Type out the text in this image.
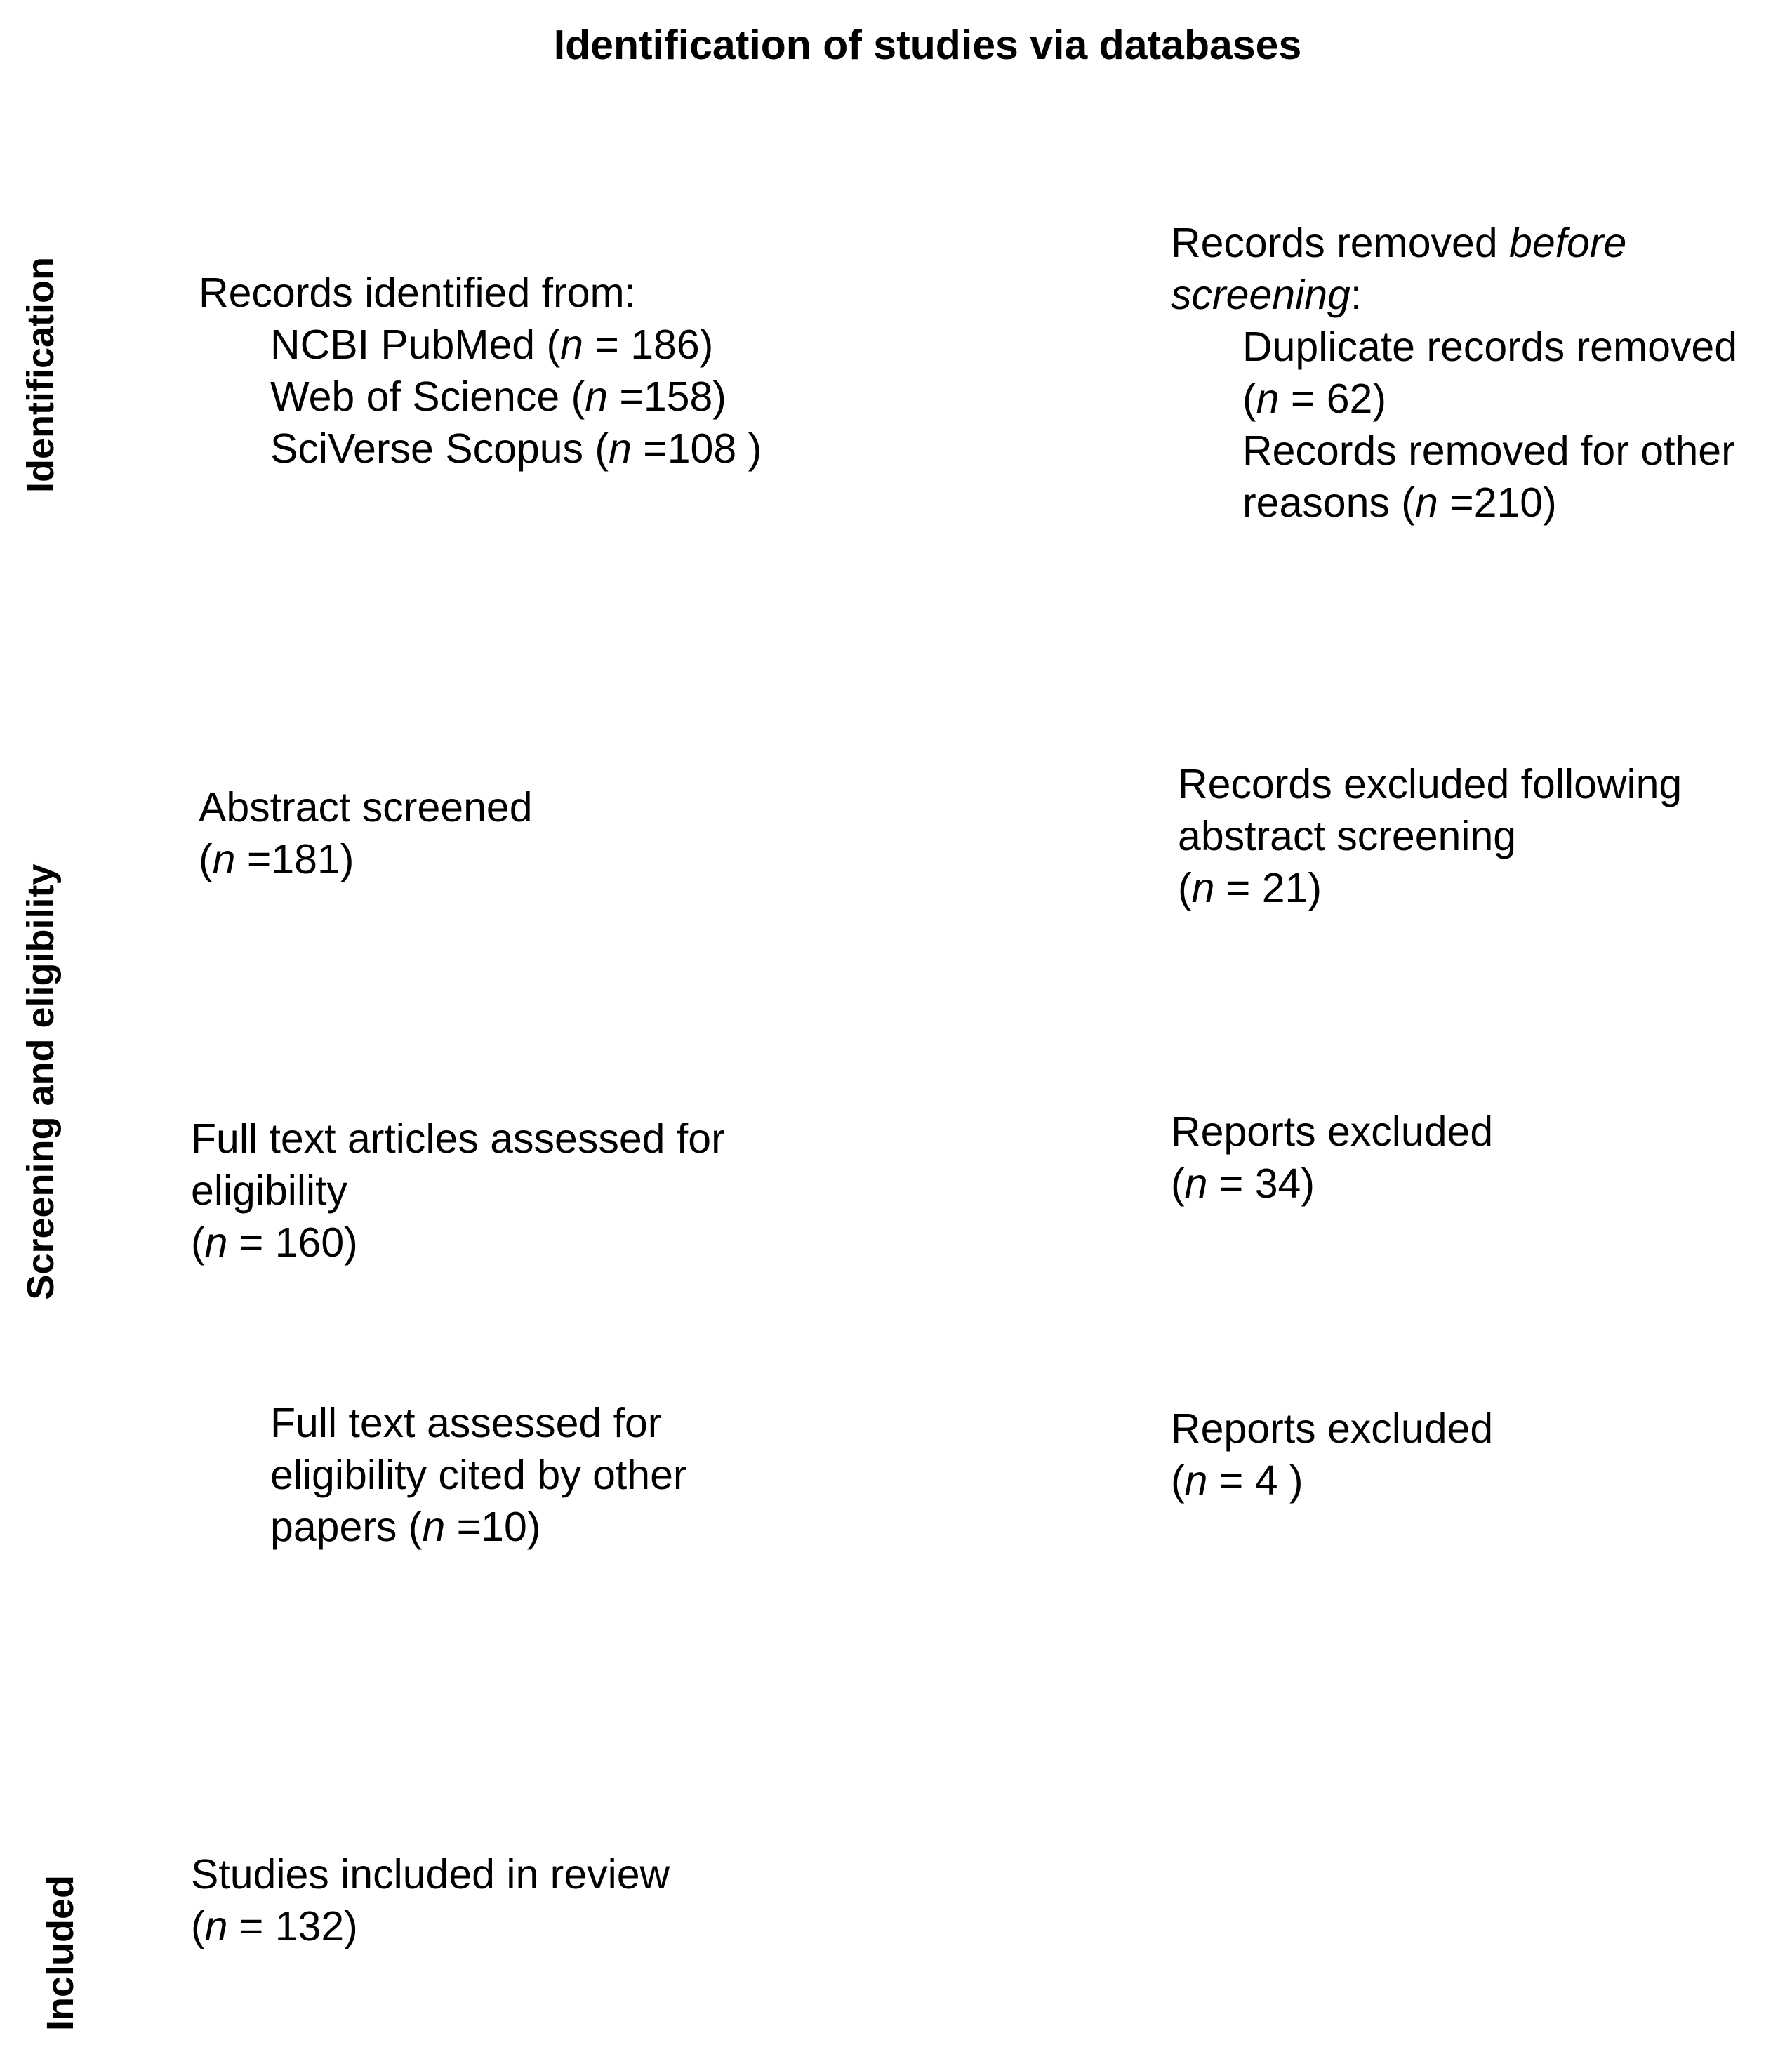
Identification of studies via databases
Identification
Screening and eligibility
Included
Records identified from:
NCBI PubMed (n = 186)
Web of Science (n =158)
SciVerse Scopus (n =108 )
Abstract screened
(n =181)
Full text articles assessed for
eligibility
(n = 160)
Full text assessed for
eligibility cited by other
papers (n =10)
Studies included in review
(n = 132)
Records removed before
screening:
Duplicate records removed
(n = 62)
Records removed for other
reasons (n =210)
Records excluded following
abstract screening
(n = 21)
Reports excluded
(n = 34)
Reports excluded
(n = 4 )
